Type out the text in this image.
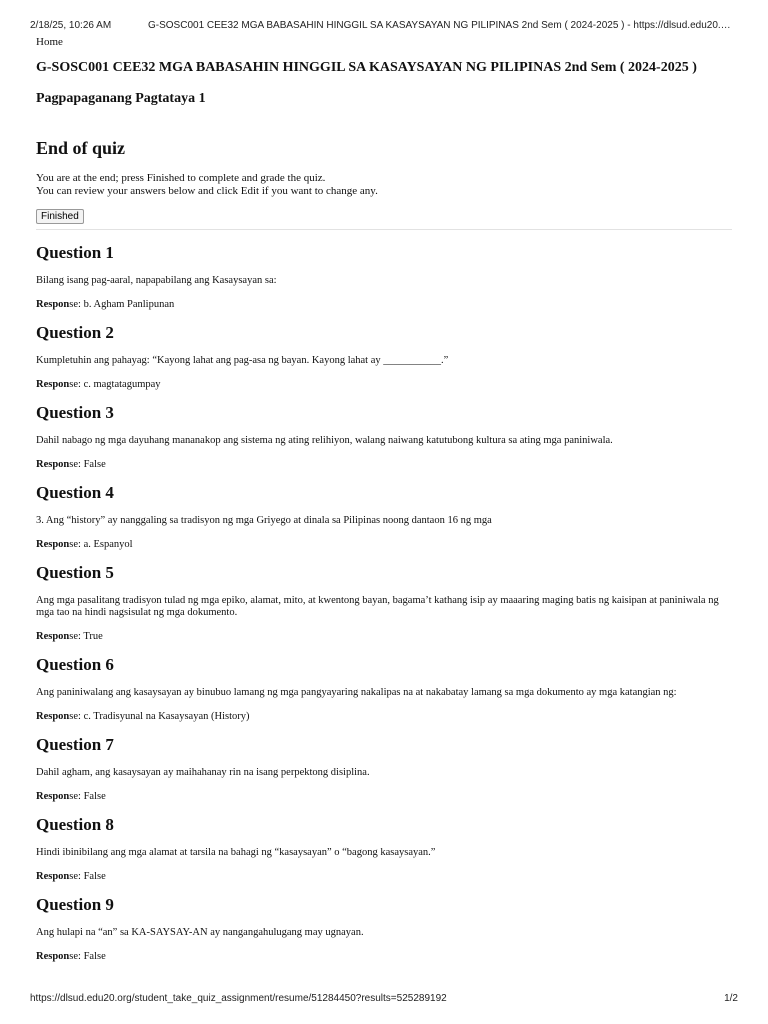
2/18/25, 10:26 AM	G-SOSC001 CEE32 MGA BABASAHIN HINGGIL SA KASAYSAYAN NG PILIPINAS 2nd Sem ( 2024-2025 ) - https://dlsud.edu20.…

Home

G-SOSC001 CEE32 MGA BABASAHIN HINGGIL SA KASAYSAYAN NG PILIPINAS 2nd Sem ( 2024-2025 )

Pagpapaganang Pagtataya 1

End of quiz

You are at the end; press Finished to complete and grade the quiz.
You can review your answers below and click Edit if you want to change any.

Finished
Question 1
Bilang isang pag-aaral, napapabilang ang Kasaysayan sa:
Response: b. Agham Panlipunan
Question 2
Kumpletuhin ang pahayag: “Kayong lahat ang pag-asa ng bayan. Kayong lahat ay ___________.”
Response: c. magtatagumpay
Question 3
Dahil nabago ng mga dayuhang mananakop ang sistema ng ating relihiyon, walang naiwang katutubong kultura sa ating mga paniniwala.
Response: False
Question 4
3. Ang “history” ay nanggaling sa tradisyon ng mga Griyego at dinala sa Pilipinas noong dantaon 16 ng mga
Response: a. Espanyol
Question 5
Ang mga pasalitang tradisyon tulad ng mga epiko, alamat, mito, at kwentong bayan, bagama’t kathang isip ay maaaring maging batis ng kaisipan at paniniwala ng mga tao na hindi nagsisulat ng mga dokumento.
Response: True
Question 6
Ang paniniwalang ang kasaysayan ay binubuo lamang ng mga pangyayaring nakalipas na at nakabatay lamang sa mga dokumento ay mga katangian ng:
Response: c. Tradisyunal na Kasaysayan (History)
Question 7
Dahil agham, ang kasaysayan ay maihahanay rin na isang perpektong disiplina.
Response: False
Question 8
Hindi ibinibilang ang mga alamat at tarsila na bahagi ng “kasaysayan” o “bagong kasaysayan.”
Response: False
Question 9
Ang hulapi na “an” sa KA-SAYSAY-AN ay nangangahulugang may ugnayan.
Response: False
https://dlsud.edu20.org/student_take_quiz_assignment/resume/51284450?results=525289192	1/2
